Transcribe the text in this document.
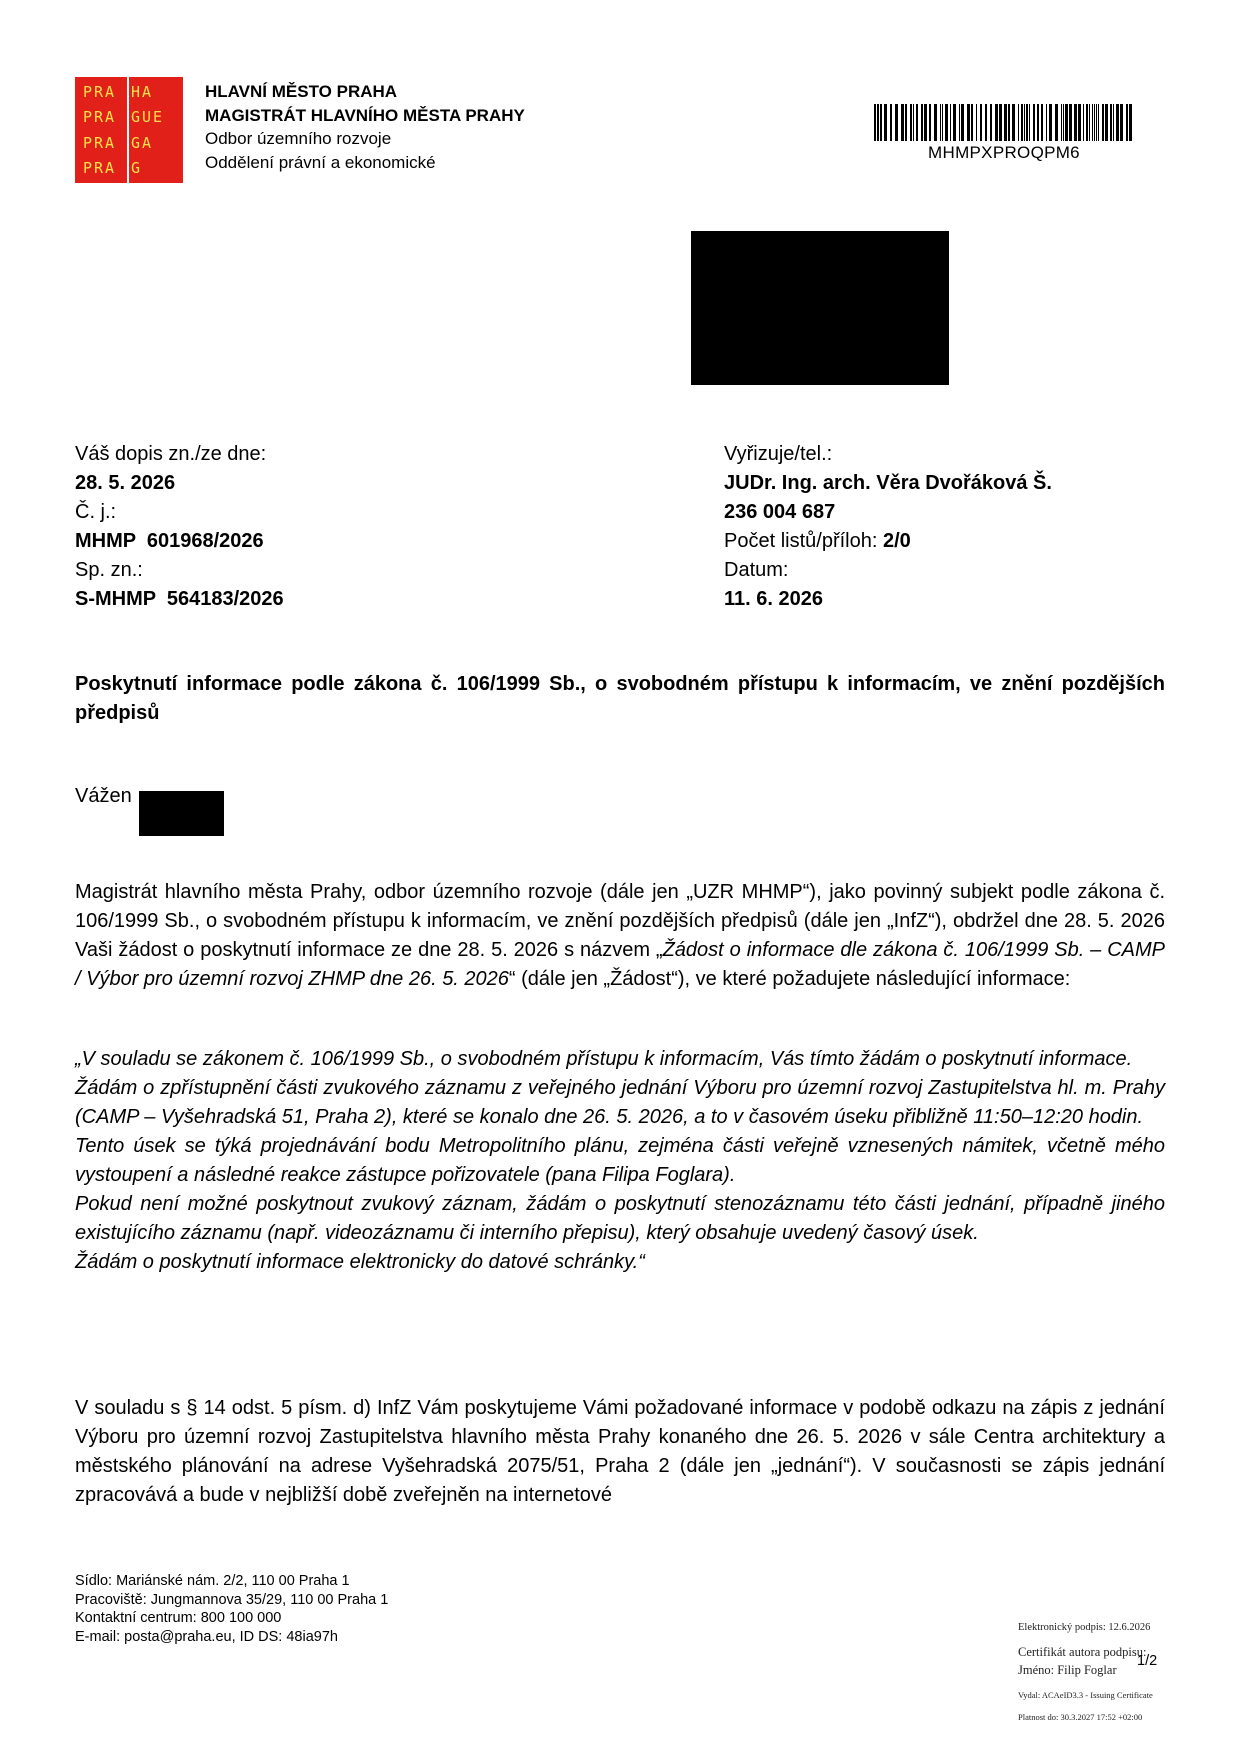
PRA HA
PRA GUE
PRA GA
PRA G
HLAVNÍ MĚSTO PRAHA
MAGISTRÁT HLAVNÍHO MĚSTA PRAHY
Odbor územního rozvoje
Oddělení právní a ekonomické	MHMPXPROQPM6
Váš dopis zn./ze dne:
28. 5. 2026
Č. j.:
MHMP  601968/2026
Sp. zn.:
S-MHMP  564183/2026
Vyřizuje/tel.:
JUDr. Ing. arch. Věra Dvořáková Š.
236 004 687
Počet listů/příloh: 2/0
Datum:
11. 6. 2026
Poskytnutí informace podle zákona č. 106/1999 Sb., o svobodném přístupu k informacím, ve znění pozdějších předpisů
Vážen

Magistrát hlavního města Prahy, odbor územního rozvoje (dále jen „UZR MHMP“), jako povinný subjekt podle zákona č. 106/1999 Sb., o svobodném přístupu k informacím, ve znění pozdějších předpisů (dále jen „InfZ“), obdržel dne 28. 5. 2026 Vaši žádost o poskytnutí informace ze dne 28. 5. 2026 s názvem „Žádost o informace dle zákona č. 106/1999 Sb. – CAMP / Výbor pro územní rozvoj ZHMP dne 26. 5. 2026“ (dále jen „Žádost“), ve které požadujete následující informace:

„V souladu se zákonem č. 106/1999 Sb., o svobodném přístupu k informacím, Vás tímto žádám o poskytnutí informace.

Žádám o zpřístupnění části zvukového záznamu z veřejného jednání Výboru pro územní rozvoj Zastupitelstva hl. m. Prahy (CAMP – Vyšehradská 51, Praha 2), které se konalo dne 26. 5. 2026, a to v časovém úseku přibližně 11:50–12:20 hodin.

Tento úsek se týká projednávání bodu Metropolitního plánu, zejména části veřejně vznesených námitek, včetně mého vystoupení a následné reakce zástupce pořizovatele (pana Filipa Foglara).

Pokud není možné poskytnout zvukový záznam, žádám o poskytnutí stenozáznamu této části jednání, případně jiného existujícího záznamu (např. videozáznamu či interního přepisu), který obsahuje uvedený časový úsek.

Žádám o poskytnutí informace elektronicky do datové schránky.“

V souladu s § 14 odst. 5 písm. d) InfZ Vám poskytujeme Vámi požadované informace v podobě odkazu na zápis z jednání Výboru pro územní rozvoj Zastupitelstva hlavního města Prahy konaného dne 26. 5. 2026 v sále Centra architektury a městského plánování na adrese Vyšehradská 2075/51, Praha 2 (dále jen „jednání“). V současnosti se zápis jednání zpracovává a bude v nejbližší době zveřejněn na internetové

Sídlo: Mariánské nám. 2/2, 110 00 Praha 1
Pracoviště: Jungmannova 35/29, 110 00 Praha 1
Kontaktní centrum: 800 100 000
E-mail: posta@praha.eu, ID DS: 48ia97h
Elektronický podpis: 12.6.2026
Certifikát autora podpisu:
Jméno: Filip Foglar
Vydal: ACAeID3.3 - Issuing Certificate
Platnost do: 30.3.2027 17:52 +02:00
1/2
